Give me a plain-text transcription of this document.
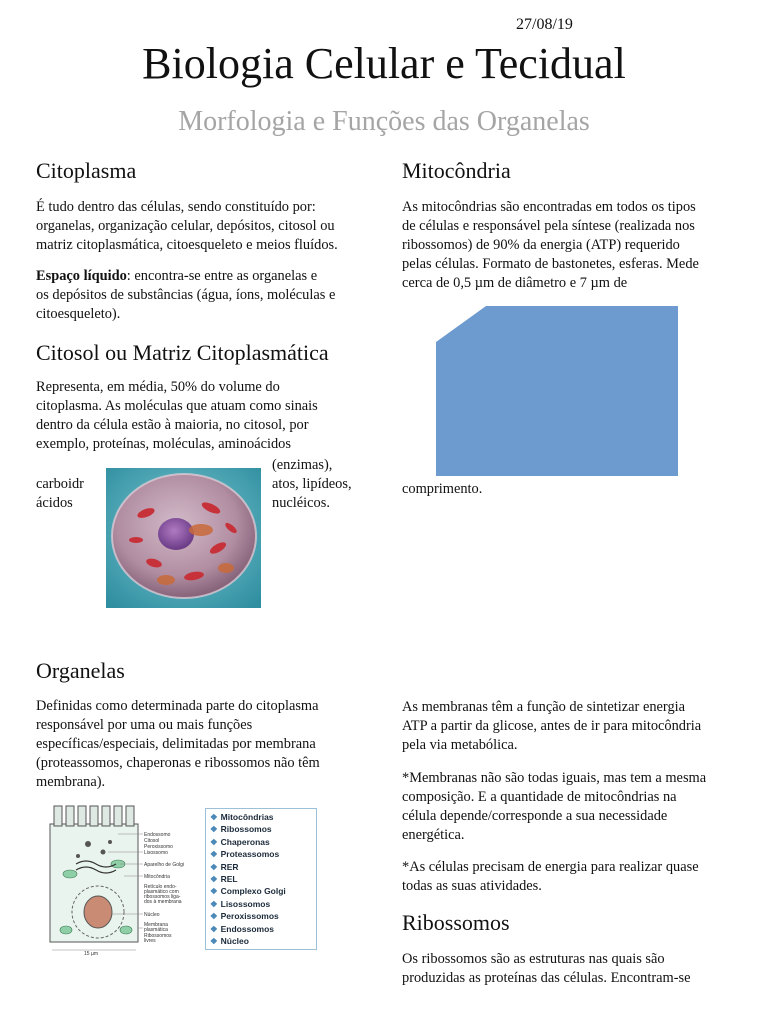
27/08/19
Biologia Celular e Tecidual
Morfologia e Funções das Organelas
Citoplasma
É tudo dentro das células, sendo constituído por:
organelas, organização celular, depósitos, citosol ou
matriz citoplasmática, citoesqueleto e meios fluídos.
Espaço líquido: encontra-se entre as organelas e
os depósitos de substâncias (água, íons, moléculas e
citoesqueleto).
Citosol ou Matriz Citoplasmática
Representa, em média, 50% do volume do
citoplasma. As moléculas que atuam como sinais
dentro da célula estão à maioria, no citosol, por
exemplo, proteínas, moléculas, aminoácidos
(enzimas),
carboidr	atos, lipídeos,
ácidos	nucléicos.
Mitocôndria
As mitocôndrias são encontradas em todos os tipos
de células e responsável pela síntese (realizada nos
ribossomos) de 90% da energia (ATP) requerido
pelas células. Formato de bastonetes, esferas. Mede
cerca de 0,5 µm de diâmetro e 7 µm de
comprimento.
Organelas
Definidas como determinada parte do citoplasma
responsável por uma ou mais funções
específicas/especiais, delimitadas por membrana
(proteassomos, chaperonas e ribossomos não têm
membrana).
Endossomo
Citosol
Peroxissomo
Lisossomo
Aparelho de Golgi
Mitocôndria
Retículo endo-
plasmático com
ribossomos liga-
dos à membrana
Núcleo
Membrana
plasmática
Ribossomos
livres
15 µm
❖ Mitocôndrias
❖ Ribossomos
❖ Chaperonas
❖ Proteassomos
❖ RER
❖ REL
❖ Complexo Golgi
❖ Lisossomos
❖ Peroxissomos
❖ Endossomos
❖ Núcleo
As membranas têm a função de sintetizar energia
ATP a partir da glicose, antes de ir para mitocôndria
pela via metabólica.
*Membranas não são todas iguais, mas tem a mesma
composição. E a quantidade de mitocôndrias na
célula depende/corresponde a sua necessidade
energética.
*As células precisam de energia para realizar quase
todas as suas atividades.
Ribossomos
Os ribossomos são as estruturas nas quais são
produzidas as proteínas das células. Encontram-se
